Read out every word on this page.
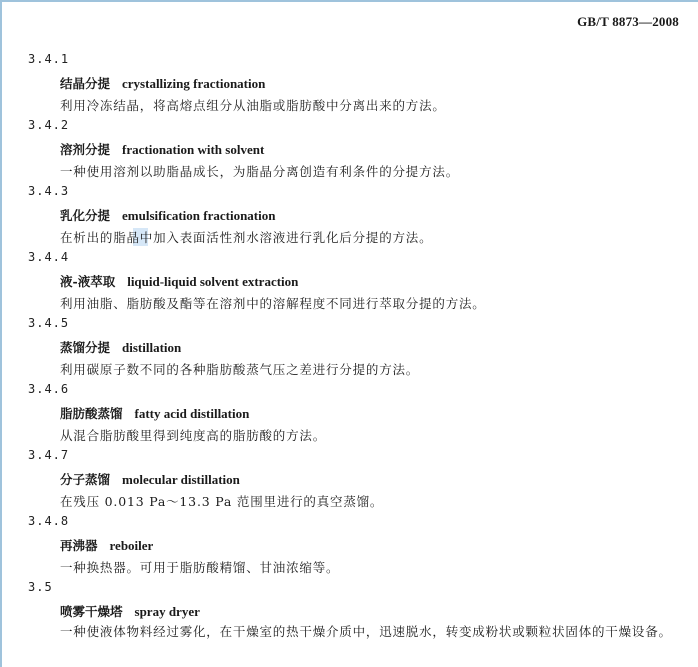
GB/T 8873—2008
3.4.1
结晶分提 crystallizing fractionation
利用冷冻结晶，将高熔点组分从油脂或脂肪酸中分离出来的方法。
3.4.2
溶剂分提 fractionation with solvent
一种使用溶剂以助脂晶成长，为脂晶分离创造有利条件的分提方法。
3.4.3
乳化分提 emulsification fractionation
在析出的脂晶中加入表面活性剂水溶液进行乳化后分提的方法。
3.4.4
液-液萃取 liquid-liquid solvent extraction
利用油脂、脂肪酸及酯等在溶剂中的溶解程度不同进行萃取分提的方法。
3.4.5
蒸馏分提 distillation
利用碳原子数不同的各种脂肪酸蒸气压之差进行分提的方法。
3.4.6
脂肪酸蒸馏 fatty acid distillation
从混合脂肪酸里得到纯度高的脂肪酸的方法。
3.4.7
分子蒸馏 molecular distillation
在残压 0.013 Pa～13.3 Pa 范围里进行的真空蒸馏。
3.4.8
再沸器 reboiler
一种换热器。可用于脂肪酸精馏、甘油浓缩等。
3.5
喷雾干燥塔 spray dryer
一种使液体物料经过雾化，在干燥室的热干燥介质中，迅速脱水，转变成粉状或颗粒状固体的干燥设备。
